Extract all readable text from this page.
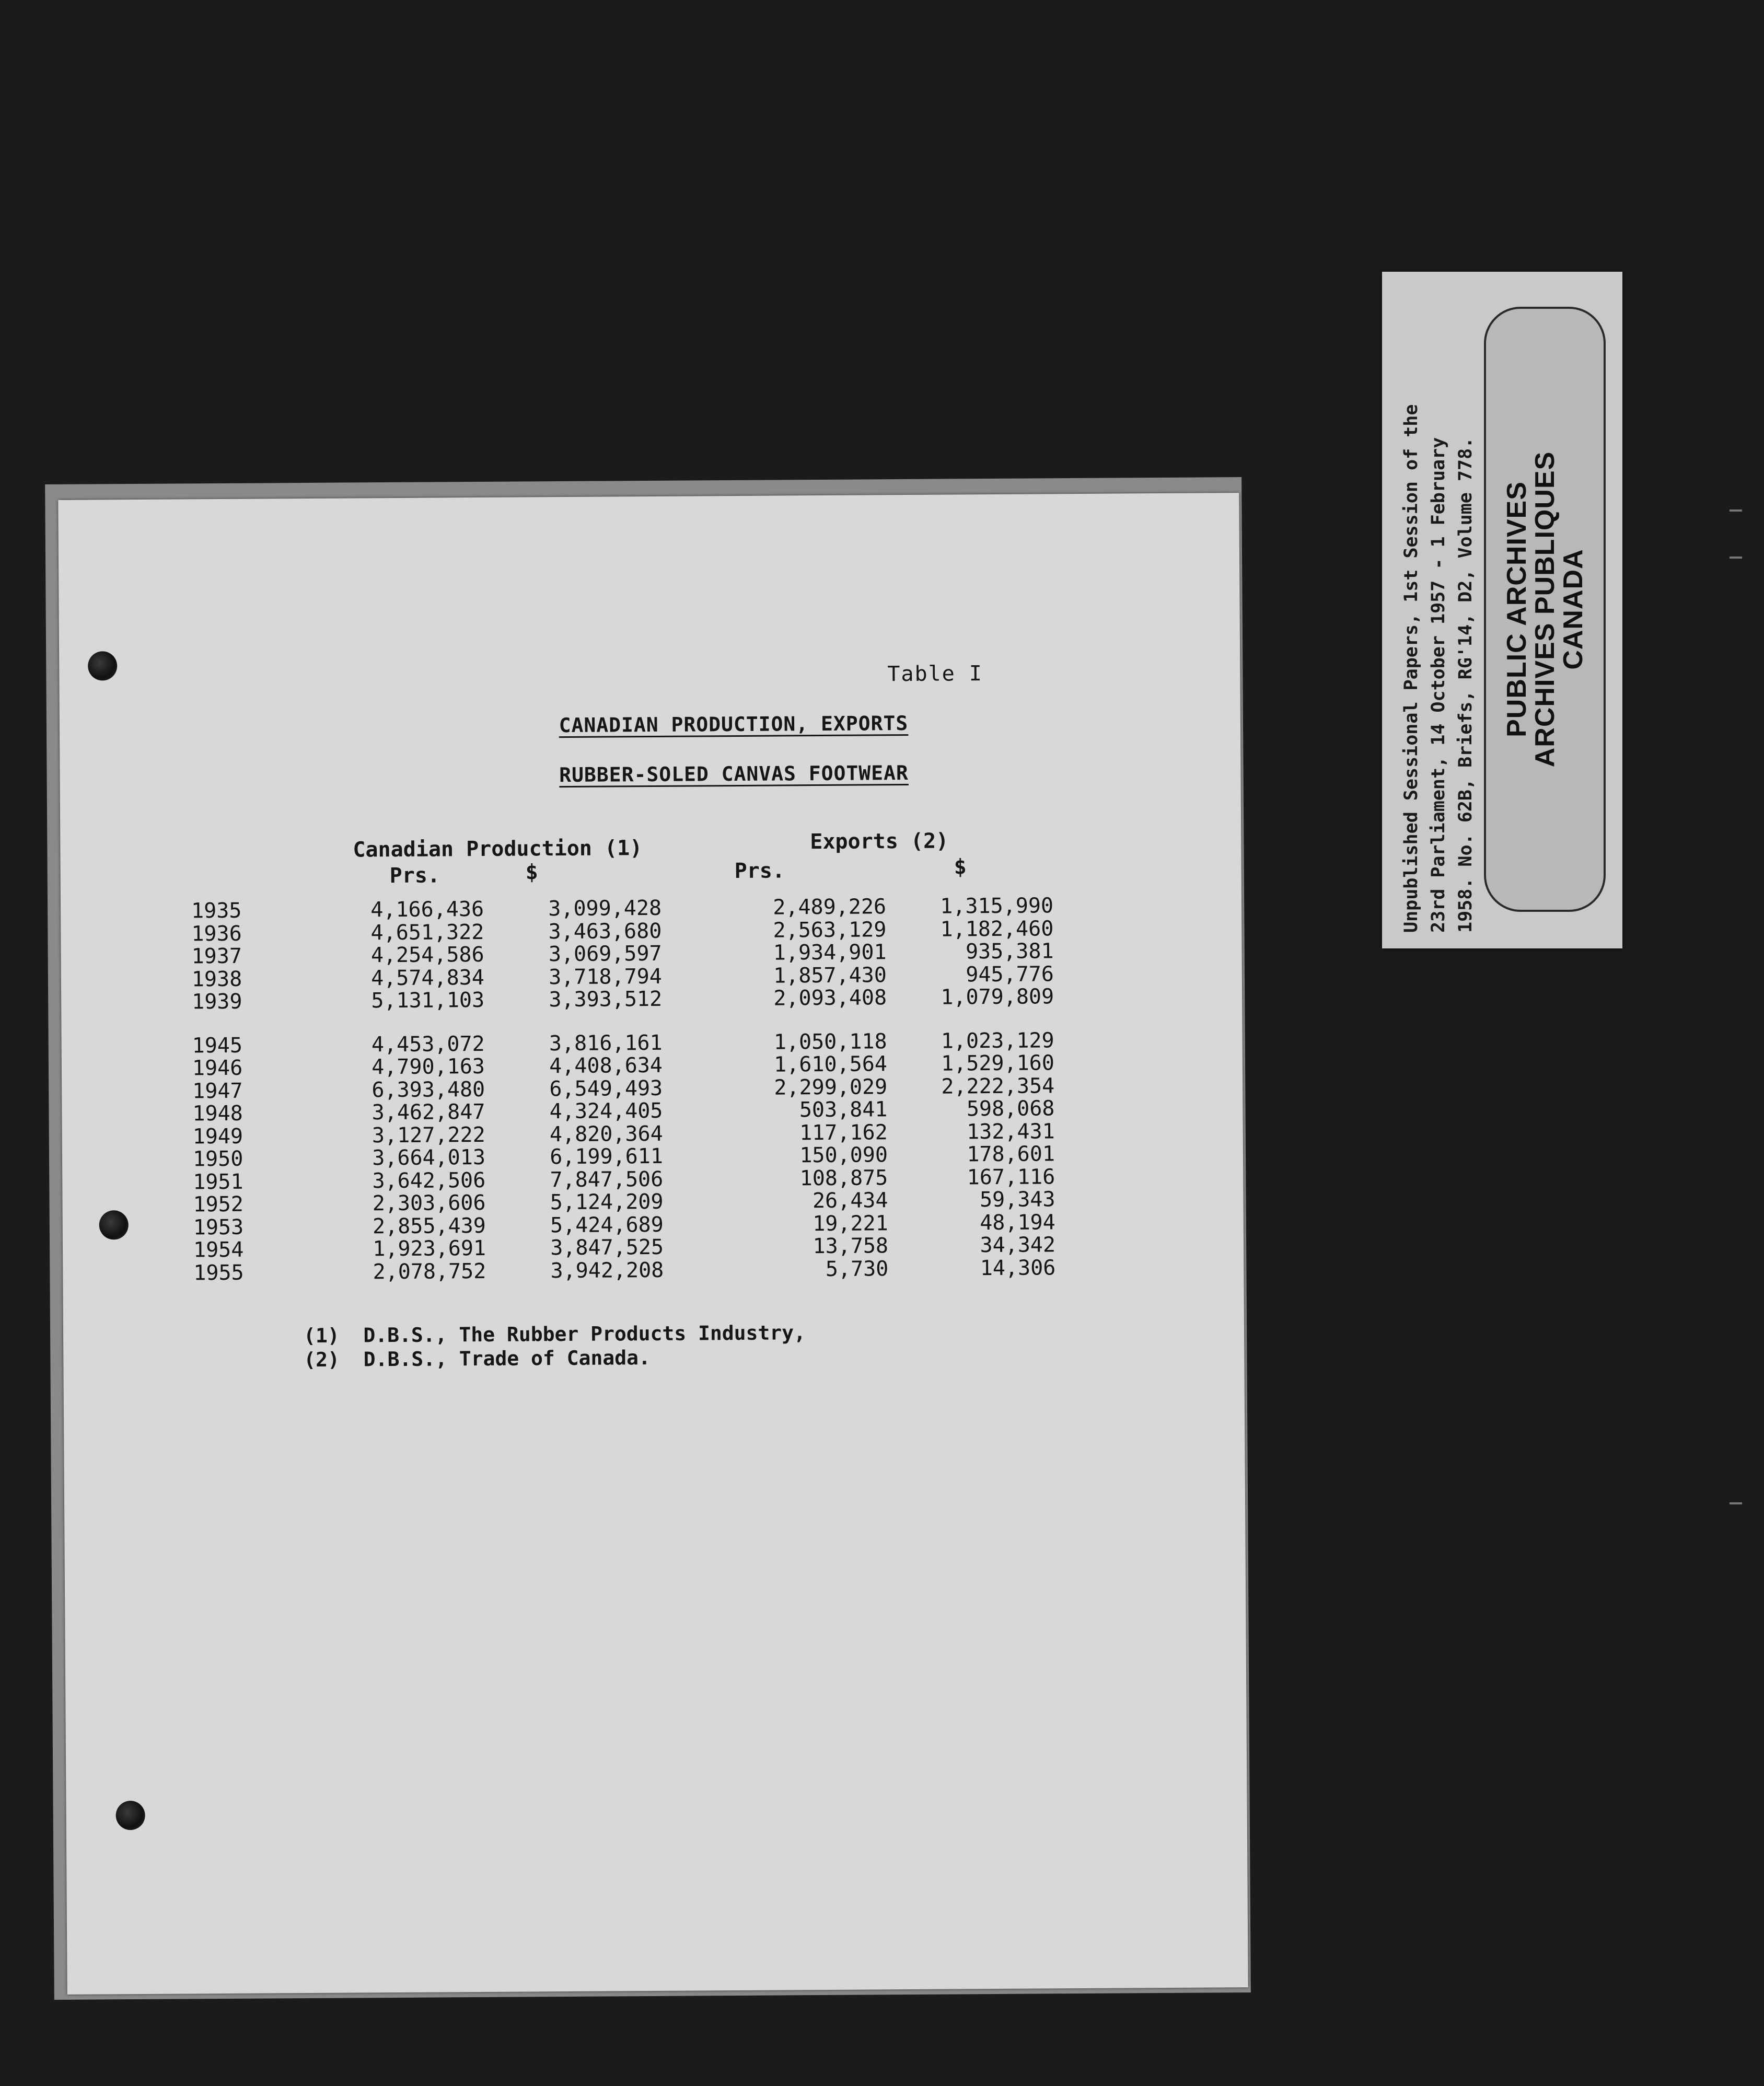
Table I
CANADIAN PRODUCTION, EXPORTS
RUBBER-SOLED CANVAS FOOTWEAR
Canadian Production (1)	Exports (2)
Prs.	$	Prs.	$
1935	4,166,436	3,099,428	2,489,226	1,315,990
1936	4,651,322	3,463,680	2,563,129	1,182,460
1937	4,254,586	3,069,597	1,934,901	935,381
1938	4,574,834	3,718,794	1,857,430	945,776
1939	5,131,103	3,393,512	2,093,408	1,079,809
1945	4,453,072	3,816,161	1,050,118	1,023,129
1946	4,790,163	4,408,634	1,610,564	1,529,160
1947	6,393,480	6,549,493	2,299,029	2,222,354
1948	3,462,847	4,324,405	503,841	598,068
1949	3,127,222	4,820,364	117,162	132,431
1950	3,664,013	6,199,611	150,090	178,601
1951	3,642,506	7,847,506	108,875	167,116
1952	2,303,606	5,124,209	26,434	59,343
1953	2,855,439	5,424,689	19,221	48,194
1954	1,923,691	3,847,525	13,758	34,342
1955	2,078,752	3,942,208	5,730	14,306
(1)  D.B.S., The Rubber Products Industry,
(2)  D.B.S., Trade of Canada.
Unpublished Sessional Papers, 1st Session of the 23rd Parliament, 14 October 1957 - 1 February 1958. No. 62B, Briefs, RG'14, D2, Volume 778. PUBLIC ARCHIVES
ARCHIVES PUBLIQUES
CANADA
